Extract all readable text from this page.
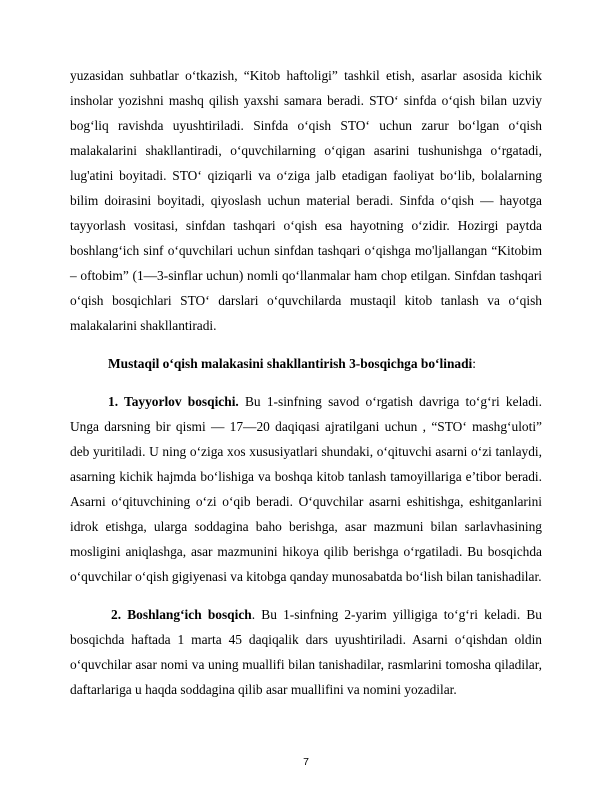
yuzasidan suhbatlar o‘tkazish, “Kitob haftoligi” tashkil etish, asarlar asosida kichik insholar yozishni mashq qilish yaxshi samara beradi. STO‘ sinfda o‘qish bilan uzviy bog‘liq ravishda uyushtiriladi. Sinfda o‘qish STO‘ uchun zarur bo‘lgan o‘qish malakalarini shakllantiradi, o‘quvchilarning o‘qigan asarini tushunishga o‘rgatadi, lug'atini boyitadi. STO‘ qiziqarli va o‘ziga jalb etadigan faoliyat bo‘lib, bolalarning bilim doirasini boyitadi, qiyoslash uchun material beradi. Sinfda o‘qish — hayotga tayyorlash vositasi, sinfdan tashqari o‘qish esa hayotning o‘zidir. Hozirgi paytda boshlang‘ich sinf o‘quvchilari uchun sinfdan tashqari o‘qishga mo'ljallangan “Kitobim – oftobim” (1—3-sinflar uchun) nomli qo‘llanmalar ham chop etilgan. Sinfdan tashqari o‘qish bosqichlari STO‘ darslari o‘quvchilarda mustaqil kitob tanlash va o‘qish malakalarini shakllantiradi.

Mustaqil o‘qish malakasini shakllantirish 3-bosqichga bo‘linadi:

1. Tayyorlov bosqichi. Bu 1-sinfning savod o‘rgatish davriga to‘g‘ri keladi. Unga darsning bir qismi — 17—20 daqiqasi ajratilgani uchun , “STO‘ mashg‘uloti” deb yuritiladi. U ning o‘ziga xos xususiyatlari shundaki, o‘qituvchi asarni o‘zi tanlaydi, asarning kichik hajmda bo‘lishiga va boshqa kitob tanlash tamoyillariga e’tibor beradi. Asarni o‘qituvchining o‘zi o‘qib beradi. O‘quvchilar asarni eshitishga, eshitganlarini idrok etishga, ularga soddagina baho berishga, asar mazmuni bilan sarlavhasining mosligini aniqlashga, asar mazmunini hikoya qilib berishga o‘rgatiladi. Bu bosqichda o‘quvchilar o‘qish gigiyenasi va kitobga qanday munosabatda bo‘lish bilan tanishadilar.

2. Boshlang‘ich bosqich. Bu 1-sinfning 2-yarim yilligiga to‘g‘ri keladi. Bu bosqichda haftada 1 marta 45 daqiqalik dars uyushtiriladi. Asarni o‘qishdan oldin o‘quvchilar asar nomi va uning muallifi bilan tanishadilar, rasmlarini tomosha qiladilar, daftarlariga u haqda soddagina qilib asar muallifini va nomini yozadilar.

7
